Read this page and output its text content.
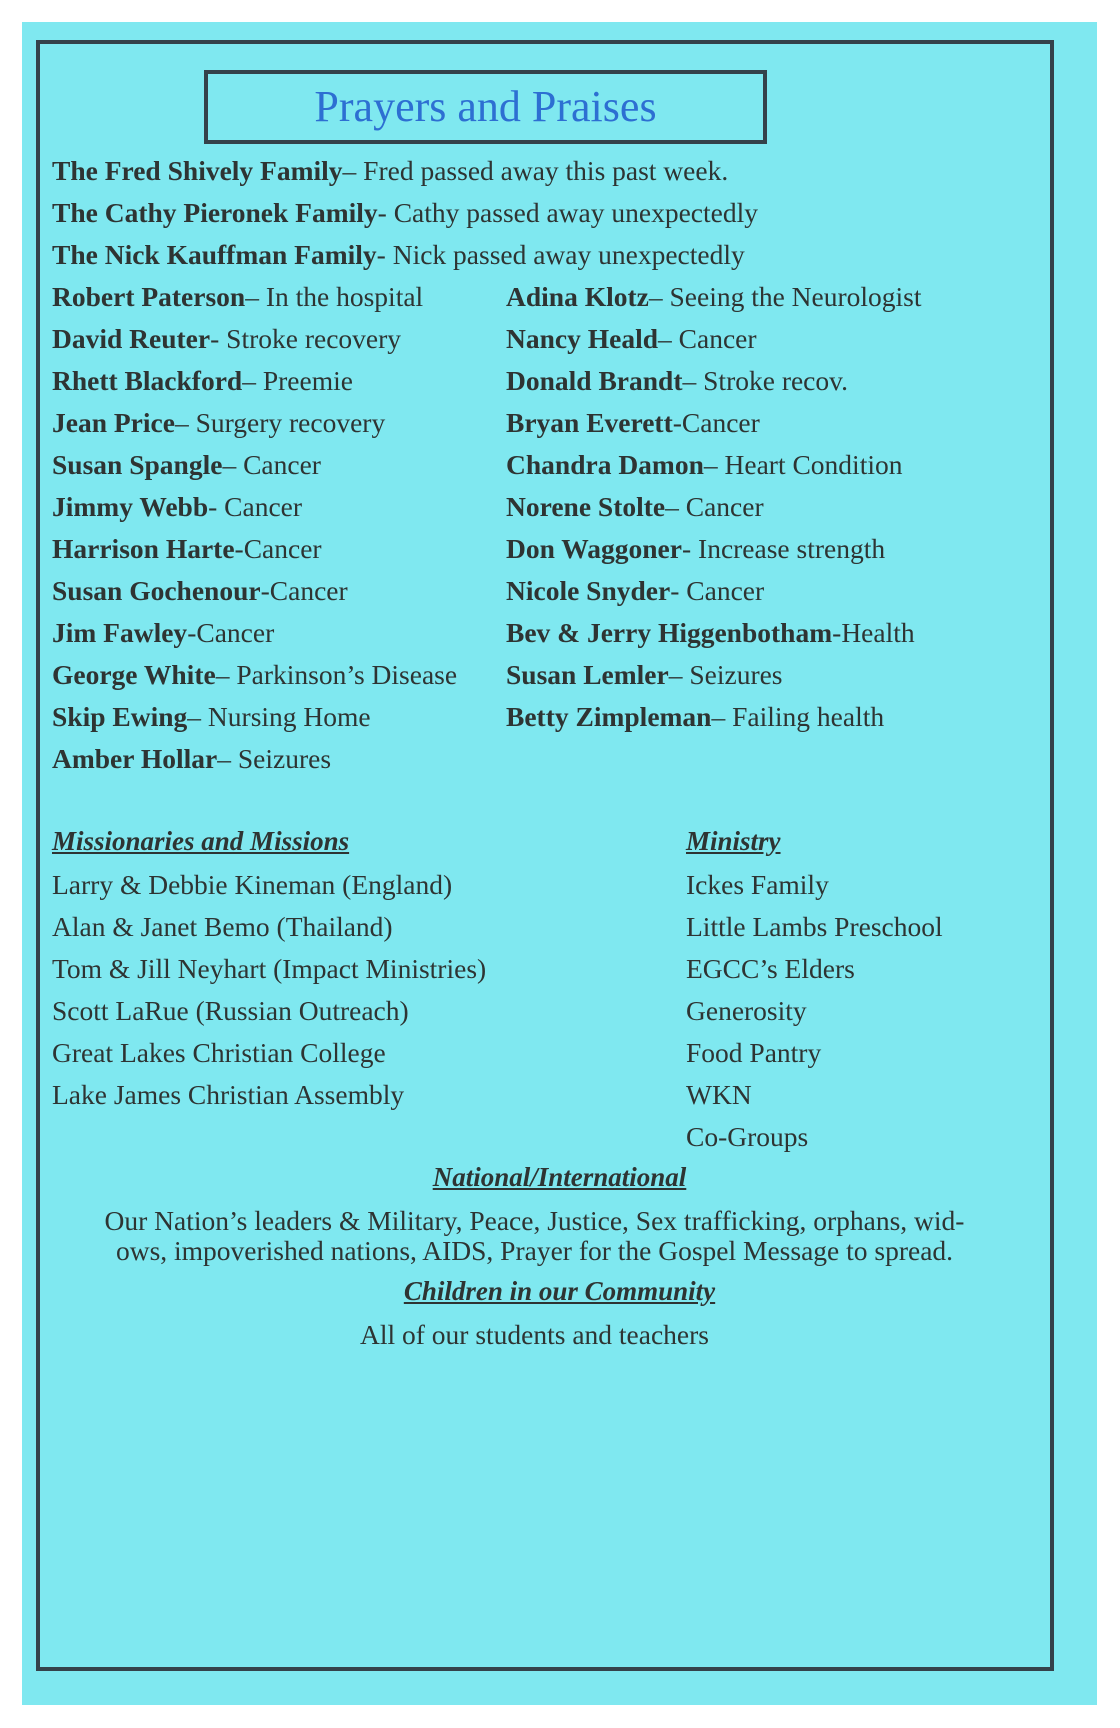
Prayers and Praises
The Fred Shively Family– Fred passed away this past week.
The Cathy Pieronek Family- Cathy passed away unexpectedly
The Nick Kauffman Family- Nick passed away unexpectedly
Robert Paterson– In the hospital
David Reuter- Stroke recovery
Rhett Blackford– Preemie
Jean Price– Surgery recovery
Susan Spangle– Cancer
Jimmy Webb- Cancer
Harrison Harte-Cancer
Susan Gochenour-Cancer
Jim Fawley-Cancer
George White– Parkinson’s Disease
Skip Ewing– Nursing Home
Amber Hollar– Seizures
Adina Klotz– Seeing the Neurologist
Nancy Heald– Cancer
Donald Brandt– Stroke recov.
Bryan Everett-Cancer
Chandra Damon– Heart Condition
Norene Stolte– Cancer
Don Waggoner- Increase strength
Nicole Snyder- Cancer
Bev & Jerry Higgenbotham-Health
Susan Lemler– Seizures
Betty Zimpleman– Failing health
Missionaries and Missions
Larry & Debbie Kineman (England)
Alan & Janet Bemo (Thailand)
Tom & Jill Neyhart (Impact Ministries)
Scott LaRue (Russian Outreach)
Great Lakes Christian College
Lake James Christian Assembly
Ministry
Ickes Family
Little Lambs Preschool
EGCC’s Elders
Generosity
Food Pantry
WKN
Co-Groups
National/International
Our Nation’s leaders & Military, Peace, Justice, Sex trafficking, orphans, wid-
ows, impoverished nations, AIDS, Prayer for the Gospel Message to spread.
Children in our Community
All of our students and teachers
